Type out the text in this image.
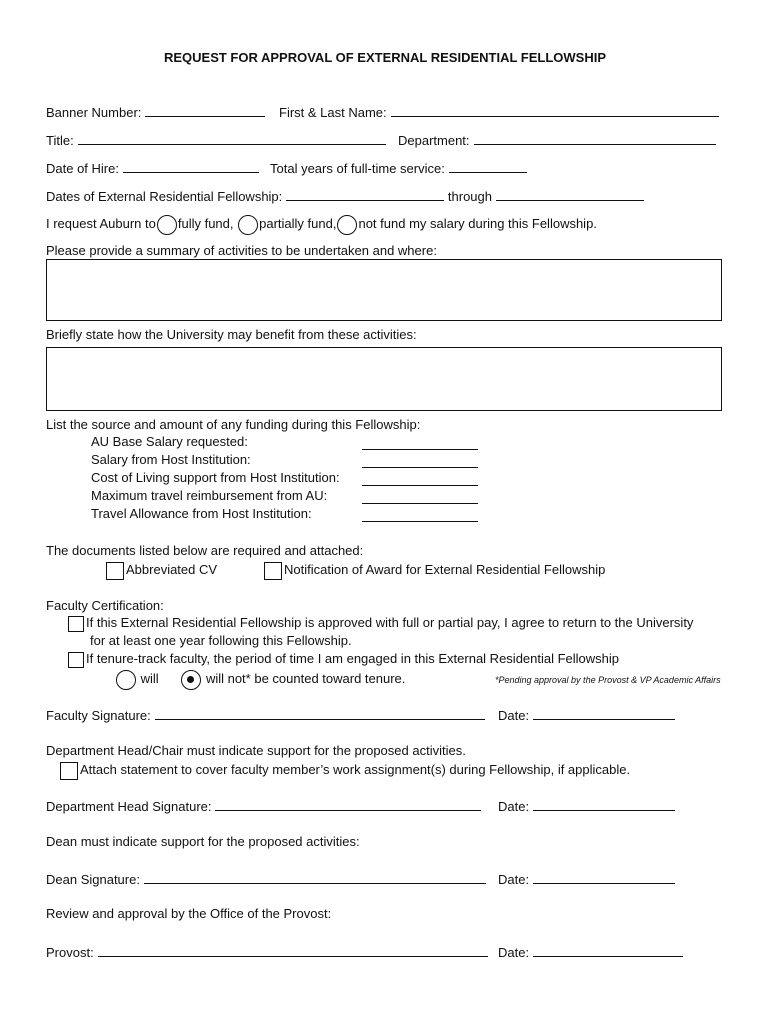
REQUEST FOR APPROVAL OF EXTERNAL RESIDENTIAL FELLOWSHIP
Banner Number:	First & Last Name:
Title:	Department:
Date of Hire:	Total years of full-time service:
Dates of External Residential Fellowship:	through
I request Auburn to fully fund, partially fund, not fund my salary during this Fellowship.
Please provide a summary of activities to be undertaken and where:
Briefly state how the University may benefit from these activities:
List the source and amount of any funding during this Fellowship:
AU Base Salary requested:
Salary from Host Institution:
Cost of Living support from Host Institution:
Maximum travel reimbursement from AU:
Travel Allowance from Host Institution:
The documents listed below are required and attached:
Abbreviated CV	Notification of Award for External Residential Fellowship
Faculty Certification:
If this External Residential Fellowship is approved with full or partial pay, I agree to return to the University
for at least one year following this Fellowship.
If tenure-track faculty, the period of time I am engaged in this External Residential Fellowship
will	will not* be counted toward tenure.	*Pending approval by the Provost & VP Academic Affairs
Faculty Signature:	Date:
Department Head/Chair must indicate support for the proposed activities.
Attach statement to cover faculty member’s work assignment(s) during Fellowship, if applicable.
Department Head Signature:	Date:
Dean must indicate support for the proposed activities:
Dean Signature:	Date:
Review and approval by the Office of the Provost:
Provost:	Date:
